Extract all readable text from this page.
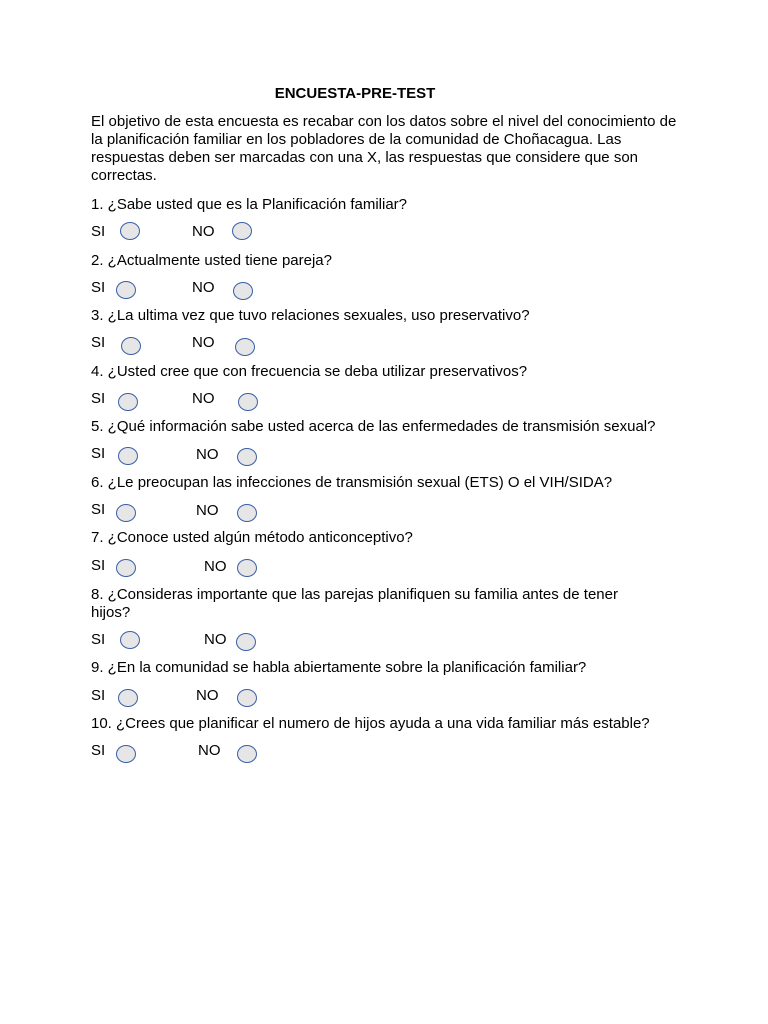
ENCUESTA-PRE-TEST
El objetivo de esta encuesta es recabar con los datos sobre el nivel del conocimiento de la planificación familiar en los pobladores de la comunidad de Choñacagua. Las respuestas deben ser marcadas con una X, las respuestas que considere que son correctas.
1. ¿Sabe usted que es la Planificación familiar?
SI	NO
2. ¿Actualmente usted tiene pareja?
SI	NO
3. ¿La ultima vez que tuvo relaciones sexuales, uso preservativo?
SI	NO
4. ¿Usted cree que con frecuencia se deba utilizar preservativos?
SI	NO
5. ¿Qué información sabe usted acerca de las enfermedades de transmisión sexual?
SI	NO
6. ¿Le preocupan las infecciones de transmisión sexual (ETS) O el VIH/SIDA?
SI	NO
7. ¿Conoce usted algún método anticonceptivo?
SI	NO
8. ¿Consideras importante que las parejas planifiquen su familia antes de tener hijos?
SI	NO
9. ¿En la comunidad se habla abiertamente sobre la planificación familiar?
SI	NO
10. ¿Crees que planificar el numero de hijos ayuda a una vida familiar más estable?
SI	NO
